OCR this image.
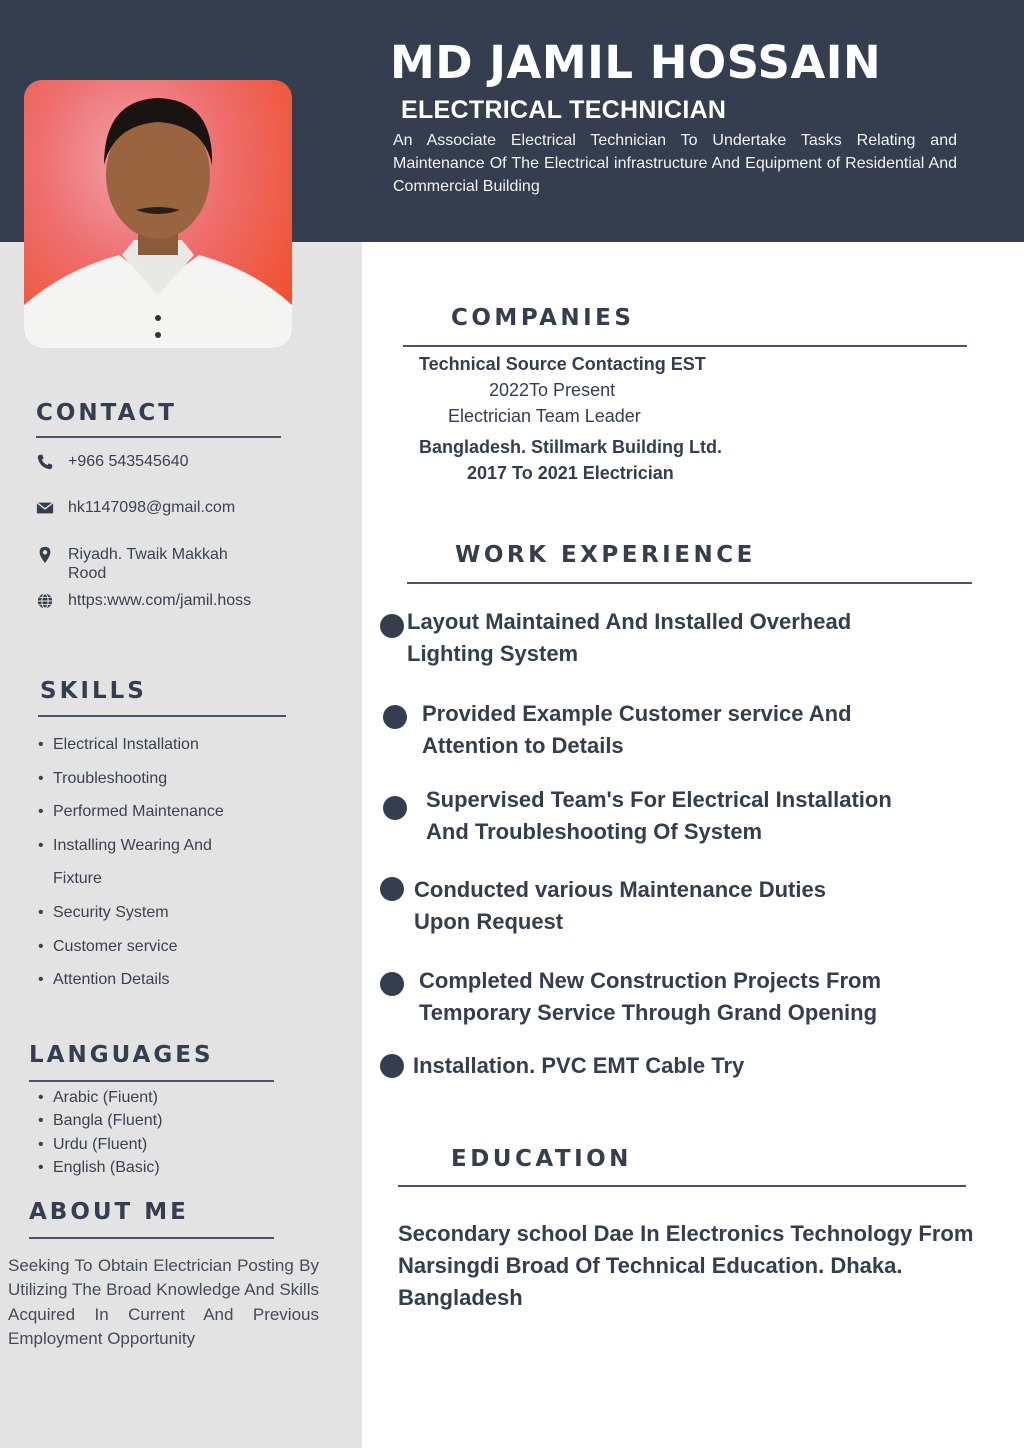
MD JAMIL HOSSAIN
ELECTRICAL TECHNICIAN

An Associate Electrical Technician To Undertake Tasks Relating and Maintenance Of The Electrical infrastructure And Equipment of Residential And Commercial Building

CONTACT
+966 543545640
hk1147098@gmail.com
Riyadh. Twaik Makkah
Rood
https:www.com/jamil.hoss
SKILLS
• Electrical Installation
• Troubleshooting
• Performed Maintenance
• Installing Wearing And
Fixture
• Security System
• Customer service
• Attention Details
LANGUAGES
• Arabic (Fiuent)
• Bangla (Fluent)
• Urdu (Fluent)
• English (Basic)
ABOUT ME

Seeking To Obtain Electrician Posting By Utilizing The Broad Knowledge And Skills Acquired In Current And Previous Employment Opportunity

COMPANIES

Technical Source Contacting EST

2022To Present

Electrician Team Leader

Bangladesh. Stillmark Building Ltd.

2017 To 2021 Electrician

WORK EXPERIENCE
Layout Maintained And Installed Overhead
Lighting System
Provided Example Customer service And
Attention to Details
Supervised Team's For Electrical Installation
And Troubleshooting Of System
Conducted various Maintenance Duties
Upon Request
Completed New Construction Projects From
Temporary Service Through Grand Opening
Installation. PVC EMT Cable Try
EDUCATION

Secondary school Dae In Electronics Technology From Narsingdi Broad Of Technical Education. Dhaka. Bangladesh
